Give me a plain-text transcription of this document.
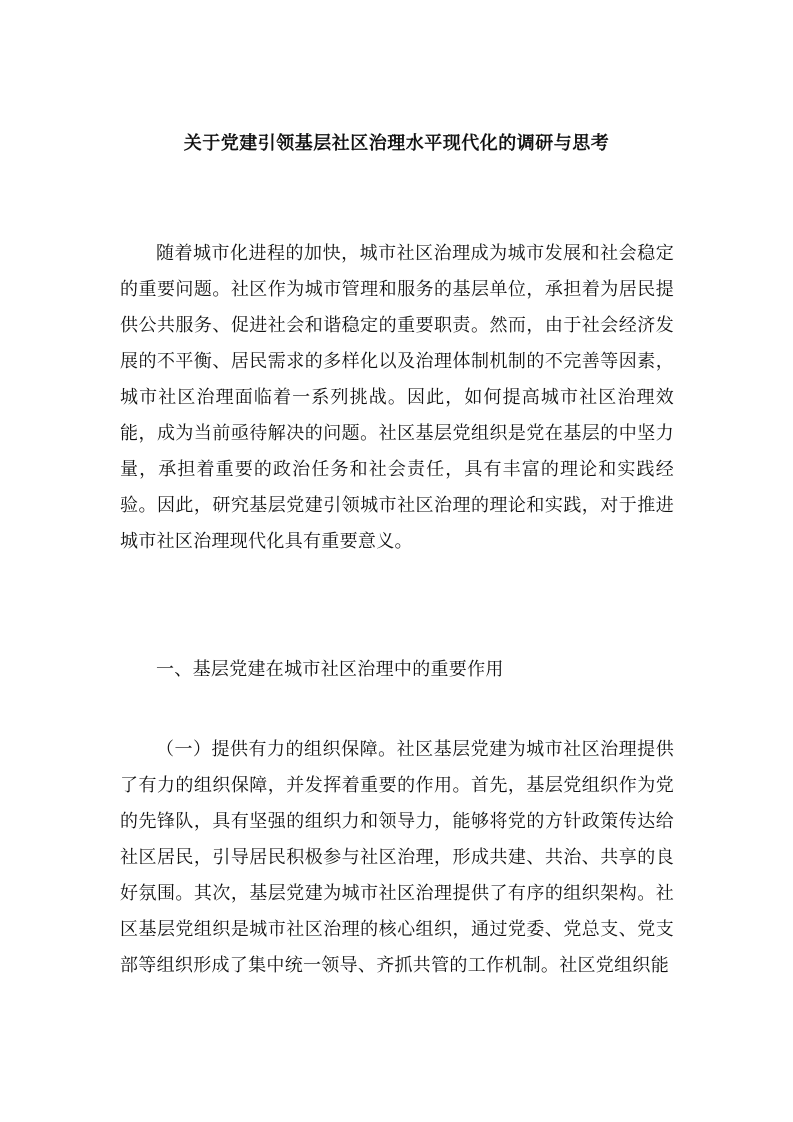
关于党建引领基层社区治理水平现代化的调研与思考

随着城市化进程的加快，城市社区治理成为城市发展和社会稳定的重要问题。社区作为城市管理和服务的基层单位，承担着为居民提供公共服务、促进社会和谐稳定的重要职责。然而，由于社会经济发展的不平衡、居民需求的多样化以及治理体制机制的不完善等因素，城市社区治理面临着一系列挑战。因此，如何提高城市社区治理效能，成为当前亟待解决的问题。社区基层党组织是党在基层的中坚力量，承担着重要的政治任务和社会责任，具有丰富的理论和实践经验。因此，研究基层党建引领城市社区治理的理论和实践，对于推进城市社区治理现代化具有重要意义。

一、基层党建在城市社区治理中的重要作用

（一）提供有力的组织保障。社区基层党建为城市社区治理提供了有力的组织保障，并发挥着重要的作用。首先，基层党组织作为党的先锋队，具有坚强的组织力和领导力，能够将党的方针政策传达给社区居民，引导居民积极参与社区治理，形成共建、共治、共享的良好氛围。其次，基层党建为城市社区治理提供了有序的组织架构。社区基层党组织是城市社区治理的核心组织，通过党委、党总支、党支部等组织形成了集中统一领导、齐抓共管的工作机制。社区党组织能
